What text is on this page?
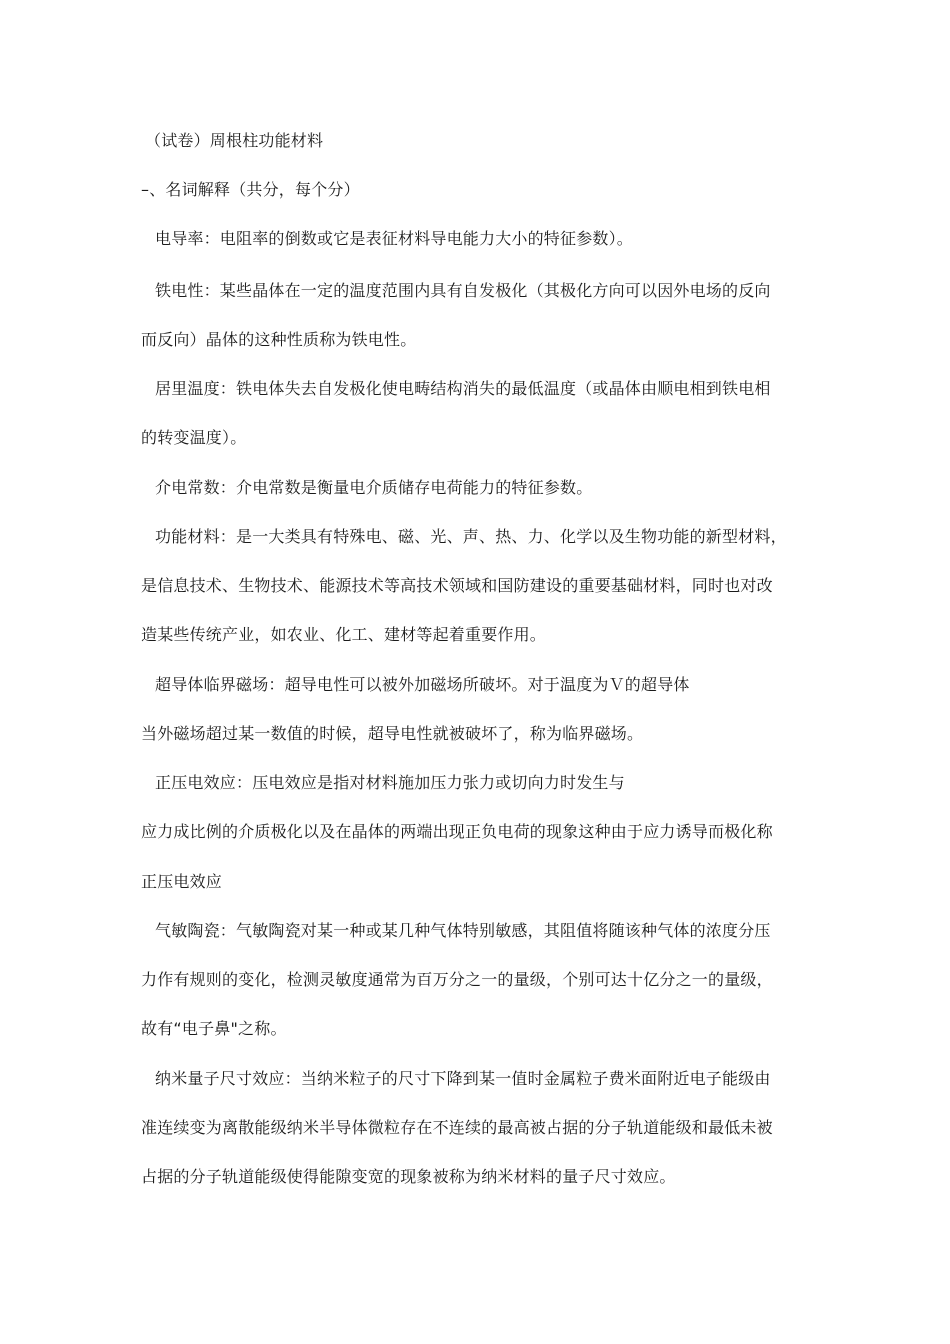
（试卷）周根柱功能材料
–、名词解释（共分，每个分）
电导率：电阻率的倒数或它是表征材料导电能力大小的特征参数）。
铁电性：某些晶体在一定的温度范围内具有自发极化（其极化方向可以因外电场的反向
而反向）晶体的这种性质称为铁电性。
居里温度：铁电体失去自发极化使电畴结构消失的最低温度（或晶体由顺电相到铁电相
的转变温度）。
介电常数：介电常数是衡量电介质储存电荷能力的特征参数。
功能材料：是一大类具有特殊电、磁、光、声、热、力、化学以及生物功能的新型材料，
是信息技术、生物技术、能源技术等高技术领域和国防建设的重要基础材料，同时也对改
造某些传统产业，如农业、化工、建材等起着重要作用。
超导体临界磁场：超导电性可以被外加磁场所破坏。对于温度为Ｖ的超导体
当外磁场超过某一数值的时候，超导电性就被破坏了，称为临界磁场。
正压电效应：压电效应是指对材料施加压力张力或切向力时发生与
应力成比例的介质极化以及在晶体的两端出现正负电荷的现象这种由于应力诱导而极化称
正压电效应
气敏陶瓷：气敏陶瓷对某一种或某几种气体特别敏感，其阻值将随该种气体的浓度分压
力作有规则的变化，检测灵敏度通常为百万分之一的量级，个别可达十亿分之一的量级，
故有“电子鼻"之称。
纳米量子尺寸效应：当纳米粒子的尺寸下降到某一值时金属粒子费米面附近电子能级由
准连续变为离散能级纳米半导体微粒存在不连续的最高被占据的分子轨道能级和最低未被
占据的分子轨道能级使得能隙变宽的现象被称为纳米材料的量子尺寸效应。
